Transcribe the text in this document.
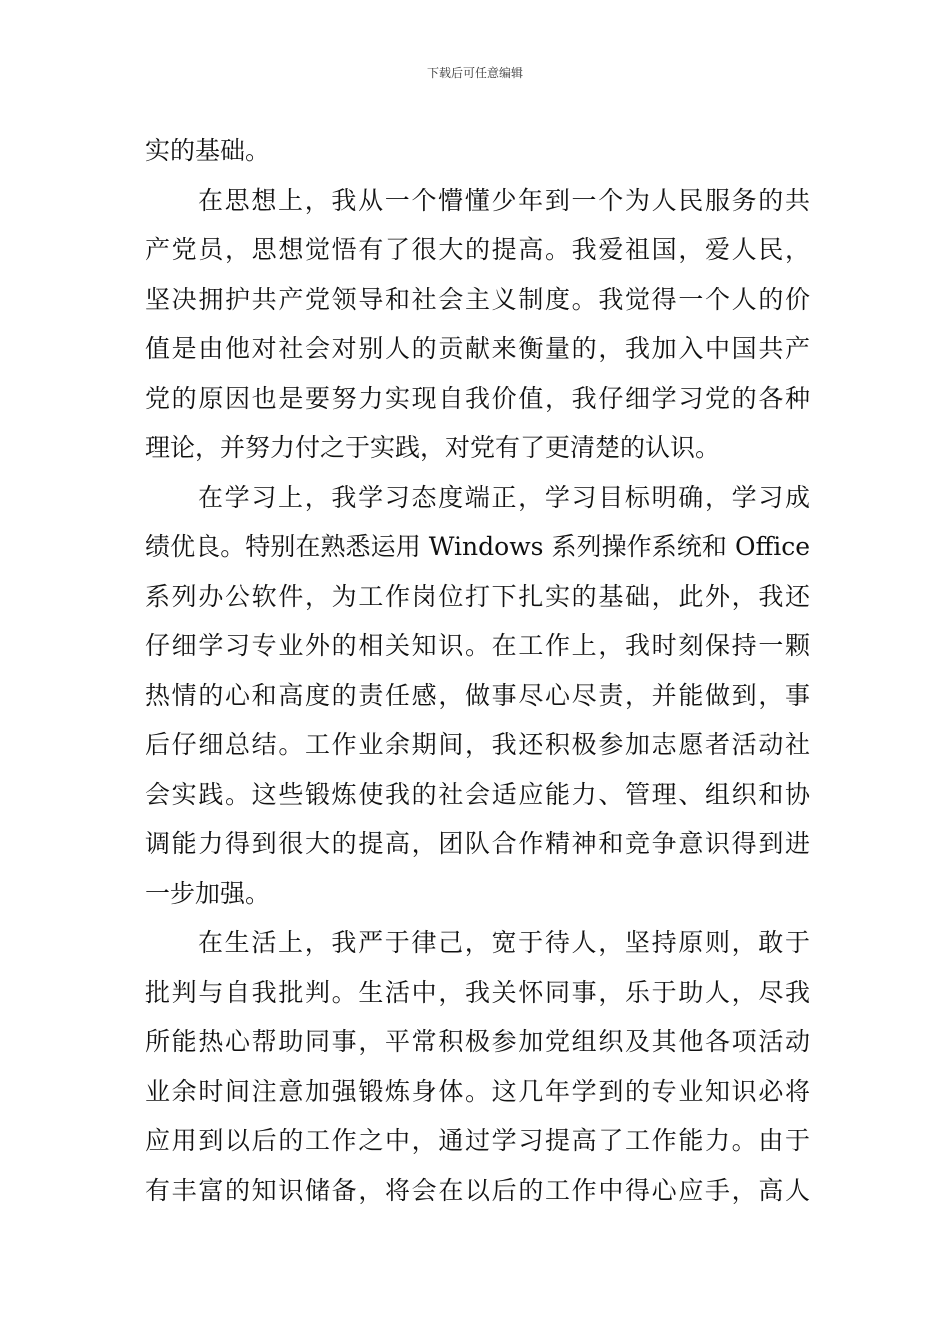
下载后可任意编辑
实的基础。
在思想上，我从一个懵懂少年到一个为人民服务的共
产党员，思想觉悟有了很大的提高。我爱祖国，爱人民，
坚决拥护共产党领导和社会主义制度。我觉得一个人的价
值是由他对社会对别人的贡献来衡量的，我加入中国共产
党的原因也是要努力实现自我价值，我仔细学习党的各种
理论，并努力付之于实践，对党有了更清楚的认识。
在学习上，我学习态度端正，学习目标明确，学习成
绩优良。特别在熟悉运用 Windows 系列操作系统和 Office
系列办公软件，为工作岗位打下扎实的基础，此外，我还
仔细学习专业外的相关知识。在工作上，我时刻保持一颗
热情的心和高度的责任感，做事尽心尽责，并能做到，事
后仔细总结。工作业余期间，我还积极参加志愿者活动社
会实践。这些锻炼使我的社会适应能力、管理、组织和协
调能力得到很大的提高，团队合作精神和竞争意识得到进
一步加强。
在生活上，我严于律己，宽于待人，坚持原则，敢于
批判与自我批判。生活中，我关怀同事，乐于助人，尽我
所能热心帮助同事，平常积极参加党组织及其他各项活动
业余时间注意加强锻炼身体。这几年学到的专业知识必将
应用到以后的工作之中，通过学习提高了工作能力。由于
有丰富的知识储备，将会在以后的工作中得心应手，高人
